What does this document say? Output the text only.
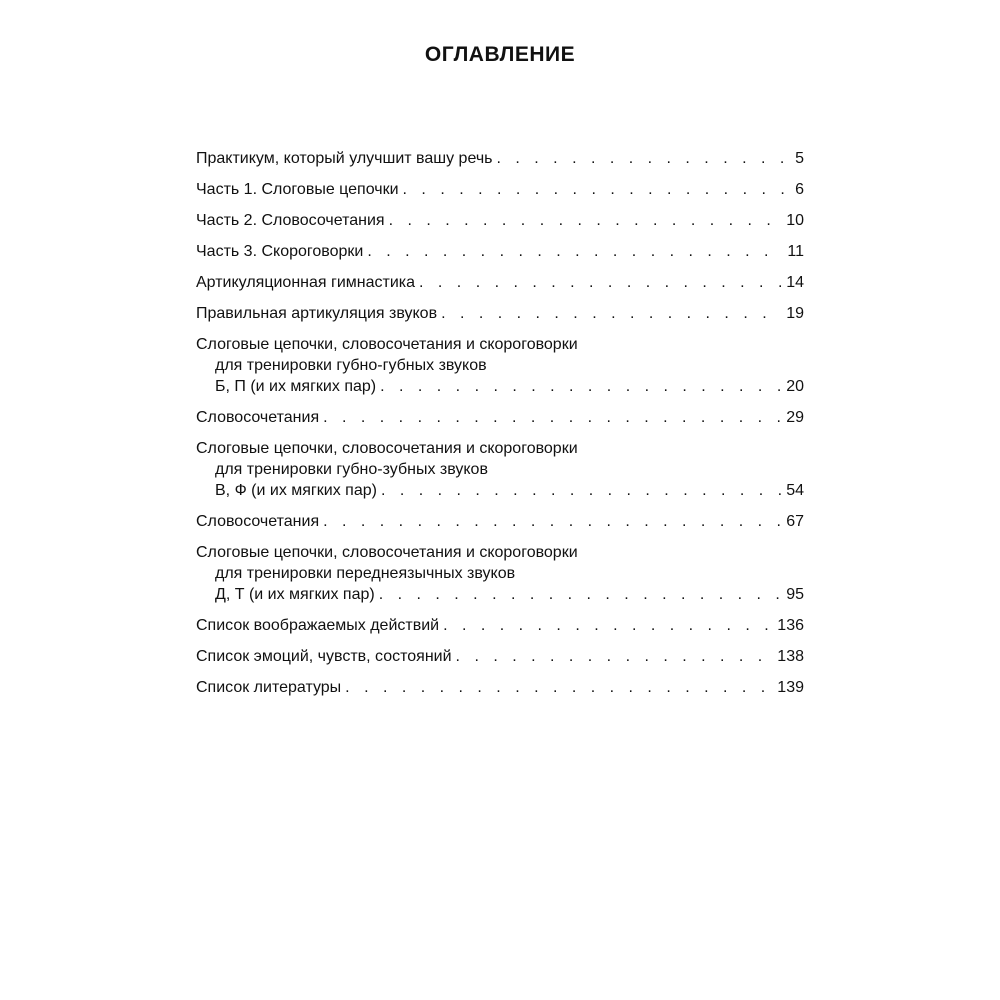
ОГЛАВЛЕНИЕ
Практикум, который улучшит вашу речь . . .	5
Часть 1. Слоговые цепочки . . .	6
Часть 2. Словосочетания . . .	10
Часть 3. Скороговорки . . .	11
Артикуляционная гимнастика . . .	14
Правильная артикуляция звуков . . .	19
Слоговые цепочки, словосочетания и скороговорки
для тренировки губно-губных звуков
Б, П (и их мягких пар) . . .	20
Словосочетания . . .	29
Слоговые цепочки, словосочетания и скороговорки
для тренировки губно-зубных звуков
В, Ф (и их мягких пар) . . .	54
Словосочетания . . .	67
Слоговые цепочки, словосочетания и скороговорки
для тренировки переднеязычных звуков
Д, Т (и их мягких пар) . . .	95
Список воображаемых действий . . .	136
Список эмоций, чувств, состояний . . .	138
Список литературы . . .	139
